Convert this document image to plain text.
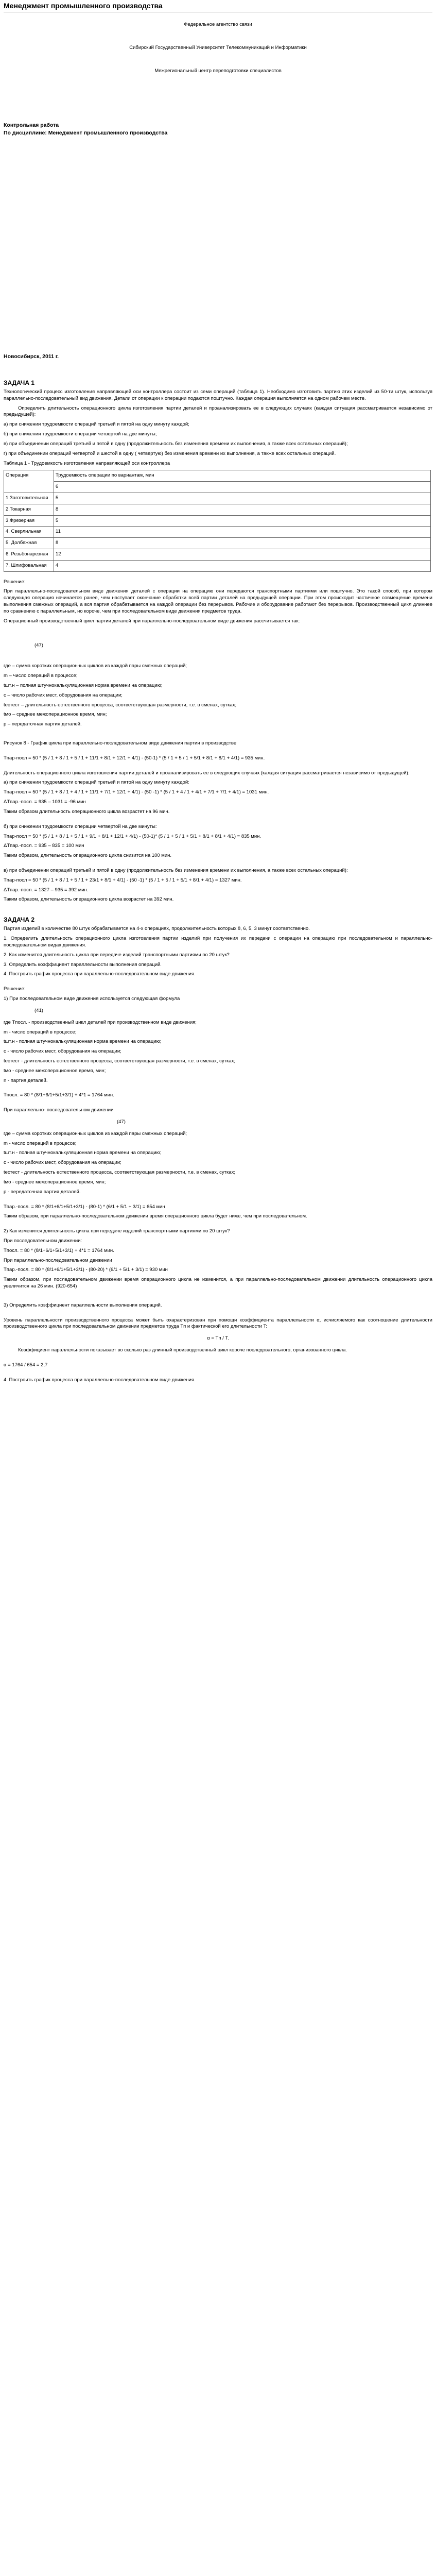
Менеджмент промышленного производства

Федеральное агентство связи

Сибирский Государственный Университет Телекоммуникаций и Информатики

Межрегиональный центр переподготовки специалистов

Контрольная работа

По дисциплине: Менеджмент промышленного производства

Новосибирск, 2011 г.

ЗАДАЧА 1

Технологический процесс изготовления направляющей оси контроллера состоит из семи операций (таблица 1). Необходимо изготовить партию этих изделий из 50-ти штук, используя параллельно-последовательный вид движения. Детали от операции к операции подаются поштучно. Каждая операция выполняется на одном рабочем месте.

Определить длительность операционного цикла изготовления партии деталей и проанализировать ее в следующих случаях (каждая ситуация рассматривается независимо от предыдущей):

а) при снижении трудоемкости операций третьей и пятой на одну минуту каждой;

б) при снижении трудоемкости операции четвертой на две минуты;

в) при объединении операций третьей и пятой в одну (продолжительность без изменения времени их выполнения, а также всех остальных операций);

г) при объединении операций четвертой и шестой в одну ( четвертую) без изменения времени их выполнения, а также всех остальных операций.

Таблица 1 - Трудоемкость изготовления направляющей оси контроллера

Операция	Трудоемкость операции по вариантам, мин
	6
1.Заготовительная	5
2.Токарная	8
3.Фрезерная	5
4. Сверлильная	11
5. Долбежная	8
6. Резьбонарезная	12
7. Шлифовальная	4

Решение:

При параллельно-последовательном виде движения деталей с операции на операцию они передаются транспортными партиями или поштучно. Это такой способ, при котором следующая операция начинается ранее, чем наступает окончание обработки всей партии деталей на предыдущей операции. При этом происходит частичное совмещение времени выполнения смежных операций, а вся партия обрабатывается на каждой операции без перерывов. Рабочие и оборудование работают без перерывов. Производственный цикл длиннее по сравнению с параллельным, но короче, чем при последовательном виде движения предметов труда.

Операционный производственный цикл партии деталей при параллельно-последовательном виде движения рассчитывается так:

(47)

где – сумма коротких операционных циклов из каждой пары смежных операций;

m – число операций в процессе;

tшт.н – полная штучнокалькуляционная норма времени на операцию;

c – число рабочих мест, оборудования на операции;

tестест – длительность естественного процесса, соответствующая размерности, т.е. в сменах, сутках;

tмо – среднее межоперационное время, мин;

p – передаточная партия деталей.

Рисунок 8 - График цикла при параллельно-последовательном виде движения партии в производстве

Tпар-посл = 50 * (5 / 1 + 8 / 1 + 5 / 1 + 11/1 + 8/1 + 12/1 + 4/1) - (50-1) * (5 / 1 + 5 / 1 + 5/1 + 8/1 + 8/1 + 4/1) = 935 мин.

Длительность операционного цикла изготовления партии деталей и проанализировать ее в следующих случаях (каждая ситуация рассматривается независимо от предыдущей):

а) при снижении трудоемкости операций третьей и пятой на одну минуту каждой:

Tпар-посл = 50 * (5 / 1 + 8 / 1 + 4 / 1 + 11/1 + 7/1 + 12/1 + 4/1) - (50 -1) * (5 / 1 + 4 / 1 + 4/1 + 7/1 + 7/1 + 4/1) = 1031 мин.

ΔTпар.-посл. = 935 – 1031 = -96 мин

Таким образом длительность операционного цикла возрастет на 96 мин.

б) при снижении трудоемкости операции четвертой на две минуты:

Tпар-посл = 50 * (5 / 1 + 8 / 1 + 5 / 1 + 9/1 + 8/1 + 12/1 + 4/1) - (50-1)* (5 / 1 + 5 / 1 + 5/1 + 8/1 + 8/1 + 4/1) = 835 мин.

ΔTпар.-посл. = 935 – 835 = 100 мин

Таким образом, длительность операционного цикла снизится на 100 мин.

в) при объединении операций третьей и пятой в одну (продолжительность без изменения времени их выполнения, а также всех остальных операций):

Tпар-посл = 50 * (5 / 1 + 8 / 1 + 5 / 1 + 23/1 + 8/1 + 4/1) - (50 -1) * (5 / 1 + 5 / 1 + 5/1 + 8/1 + 4/1) = 1327 мин.

ΔTпар.-посл. = 1327 – 935 = 392 мин.

Таким образом, длительность операционного цикла возрастет на 392 мин.

ЗАДАЧА 2

Партия изделий в количестве 80 штук обрабатывается на 4-х операциях, продолжительность которых 8, 6, 5, 3 минут соответственно.

1. Определить длительность операционного цикла изготовления партии изделий при получения их передачи с операции на операцию при последовательном и параллельно-последовательном видах движения.

2. Как изменится длительность цикла при передаче изделий транспортными партиями по 20 штук?

3. Определить коэффициент параллельности выполнения операций.

4. Построить график процесса при параллельно-последовательном виде движения.

Решение:

1) При последовательном виде движения используется следующая формула

(41)

где Tпосл. - производственный цикл деталей при производственном виде движения;

m - число операций в процессе;

tшт.н - полная штучнокалькуляционная норма времени на операцию;

с - число рабочих мест, оборудования на операции;

tестест - длительность естественного процесса, соответствующая размерности, т.е. в сменах, сутках;

tмо - среднее межоперационное время, мин;

n - партия деталей.

Tпосл. = 80 * (8/1+6/1+5/1+3/1) + 4*1 = 1764 мин.

При параллельно- последовательном движении

(47)

где – сумма коротких операционных циклов из каждой пары смежных операций;

m - число операций в процессе;

tшт.н - полная штучнокалькуляционная норма времени на операцию;

с - число рабочих мест, оборудования на операции;

tестест - длительность естественного процесса, соответствующая размерности, т.е. в сменах, сутках;

tмо - среднее межоперационное время, мин;

р - передаточная партия деталей.

Tпар.-посл. = 80 * (8/1+6/1+5/1+3/1) - (80-1) * (6/1 + 5/1 + 3/1) = 654 мин

Таким образом, при параллельно-последовательном движении время операционного цикла будет ниже, чем при последовательном.

2) Как изменится длительность цикла при передаче изделий транспортными партиями по 20 штук?

При последовательном движении:

Tпосл. = 80 * (8/1+6/1+5/1+3/1) + 4*1 = 1764 мин.

При параллельно-последовательном движении

Tпар.-посл. = 80 * (8/1+6/1+5/1+3/1) - (80-20) * (6/1 + 5/1 + 3/1) = 930 мин

Таким образом, при последовательном движении время операционного цикла не изменится, а при параллельно-последовательном движении длительность операционного цикла увеличится на 26 мин. (920-654)

3) Определить коэффициент параллельности выполнения операций.

Уровень параллельности производственного процесса может быть охарактеризован при помощи коэффициента параллельности α, исчисляемого как соотношение длительности производственного цикла при последовательном движении предметов труда Tп и фактической его длительности T:

α = Tп / T.

Коэффициент параллельности показывает во сколько раз длинный производственный цикл короче последовательного, организованного цикла.

α = 1764 / 654 = 2,7

4. Построить график процесса при параллельно-последовательном виде движения.
